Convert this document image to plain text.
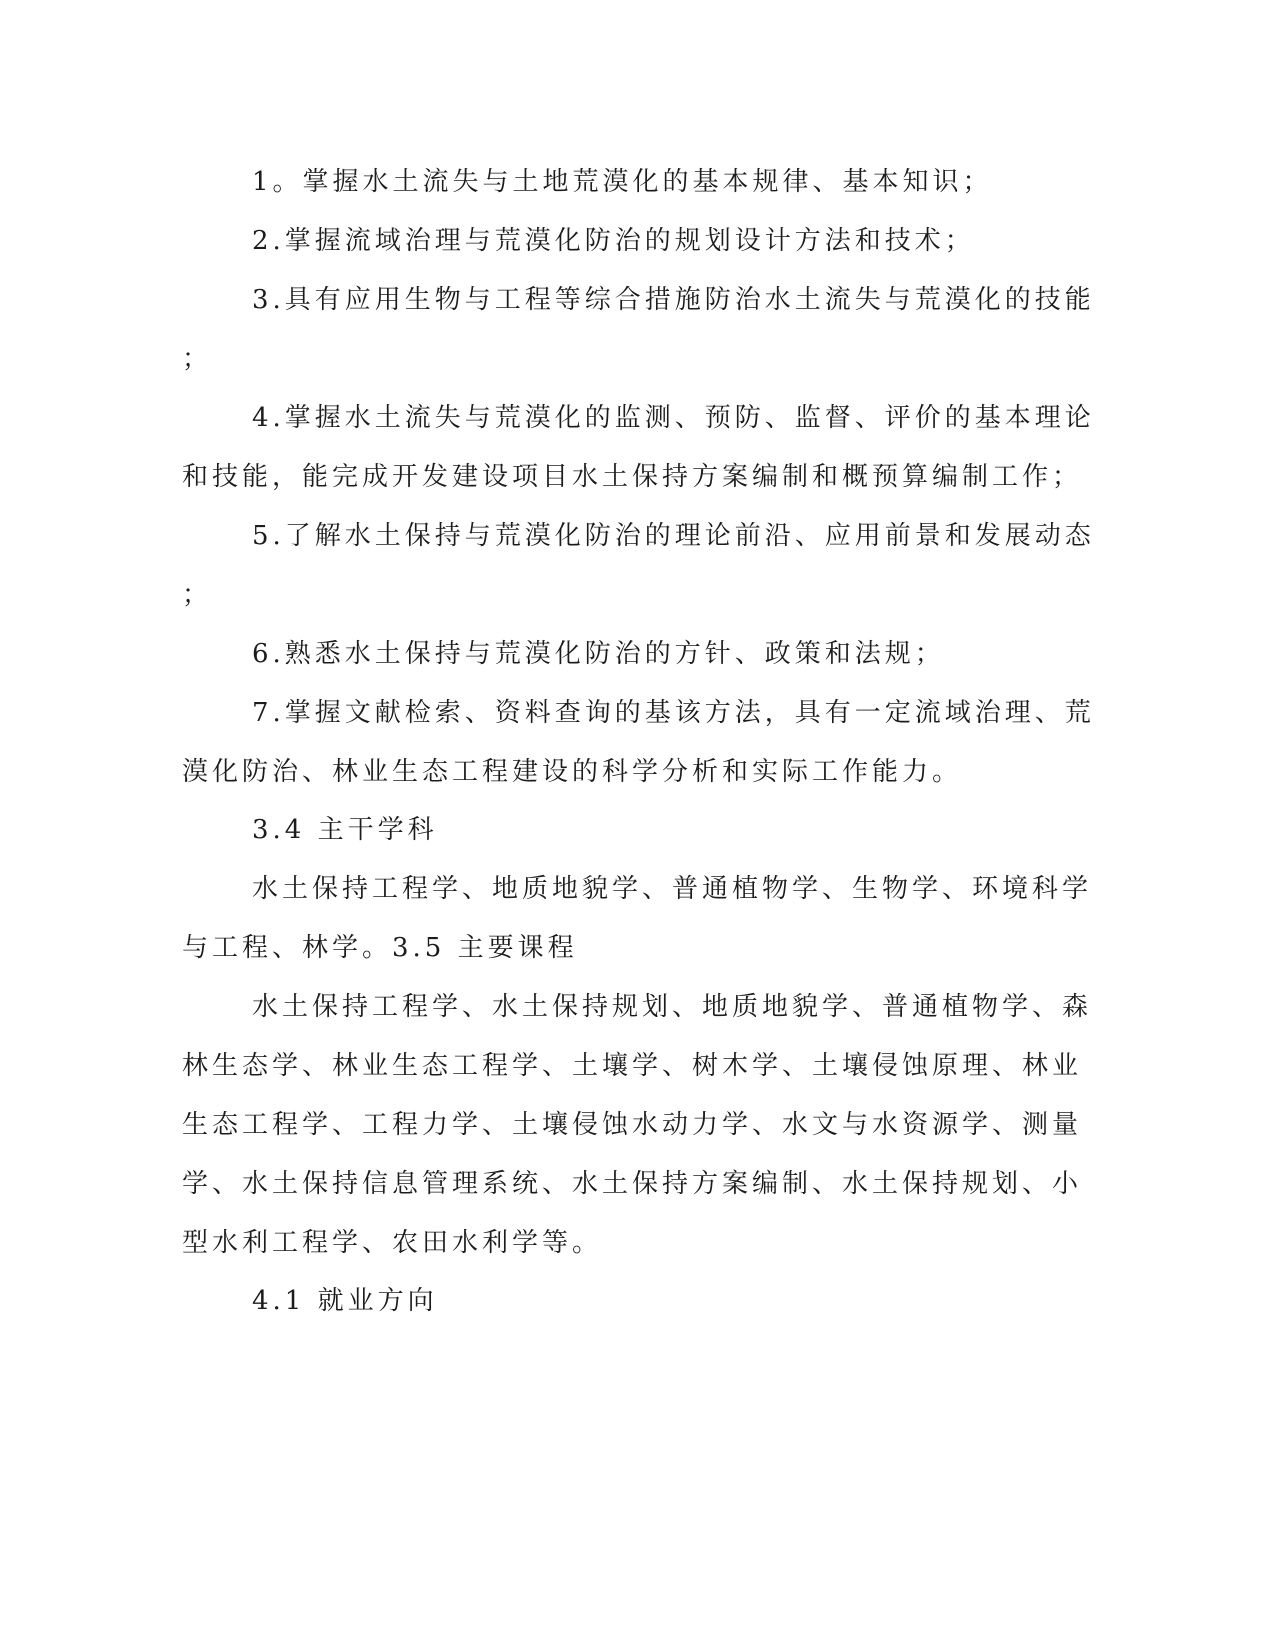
1。掌握水土流失与土地荒漠化的基本规律、基本知识；
2.掌握流域治理与荒漠化防治的规划设计方法和技术；
3.具有应用生物与工程等综合措施防治水土流失与荒漠化的技能
；
4.掌握水土流失与荒漠化的监测、预防、监督、评价的基本理论
和技能，能完成开发建设项目水土保持方案编制和概预算编制工作；
5.了解水土保持与荒漠化防治的理论前沿、应用前景和发展动态
；
6.熟悉水土保持与荒漠化防治的方针、政策和法规；
7.掌握文献检索、资料查询的基该方法，具有一定流域治理、荒
漠化防治、林业生态工程建设的科学分析和实际工作能力。
3.4 主干学科
水土保持工程学、地质地貌学、普通植物学、生物学、环境科学
与工程、林学。3.5 主要课程
水土保持工程学、水土保持规划、地质地貌学、普通植物学、森
林生态学、林业生态工程学、土壤学、树木学、土壤侵蚀原理、林业
生态工程学、工程力学、土壤侵蚀水动力学、水文与水资源学、测量
学、水土保持信息管理系统、水土保持方案编制、水土保持规划、小
型水利工程学、农田水利学等。
4.1 就业方向
